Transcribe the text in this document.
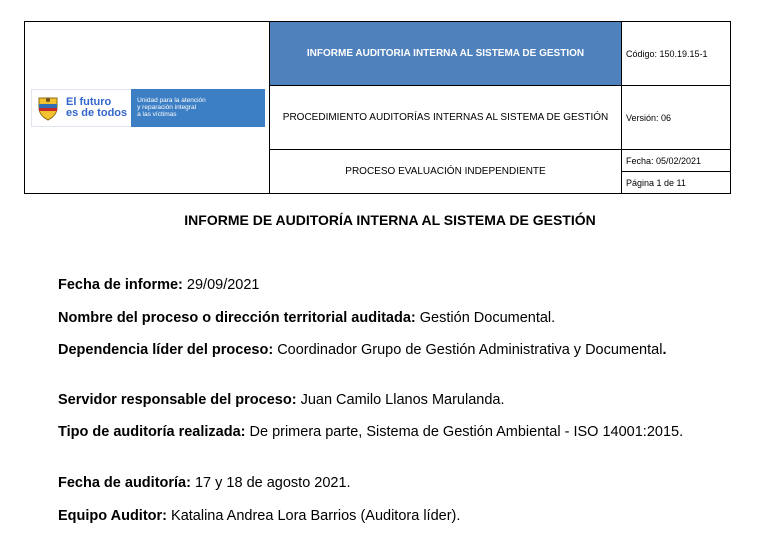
El futuro
es de todos
Unidad para la atención
y reparación integral
a las víctimas	INFORME AUDITORIA INTERNA AL SISTEMA DE GESTION	Código: 150.19.15-1
	PROCEDIMIENTO AUDITORÍAS INTERNAS AL SISTEMA DE GESTIÓN	Versión: 06
	PROCESO EVALUACIÓN INDEPENDIENTE	Fecha: 05/02/2021
Página 1 de 11
INFORME DE AUDITORÍA INTERNA AL SISTEMA DE GESTIÓN
Fecha de informe: 29/09/2021
Nombre del proceso o dirección territorial auditada: Gestión Documental.
Dependencia líder del proceso: Coordinador Grupo de Gestión Administrativa y Documental.
Servidor responsable del proceso: Juan Camilo Llanos Marulanda.
Tipo de auditoría realizada: De primera parte, Sistema de Gestión Ambiental - ISO 14001:2015.
Fecha de auditoría: 17 y 18 de agosto 2021.
Equipo Auditor: Katalina Andrea Lora Barrios (Auditora líder).
